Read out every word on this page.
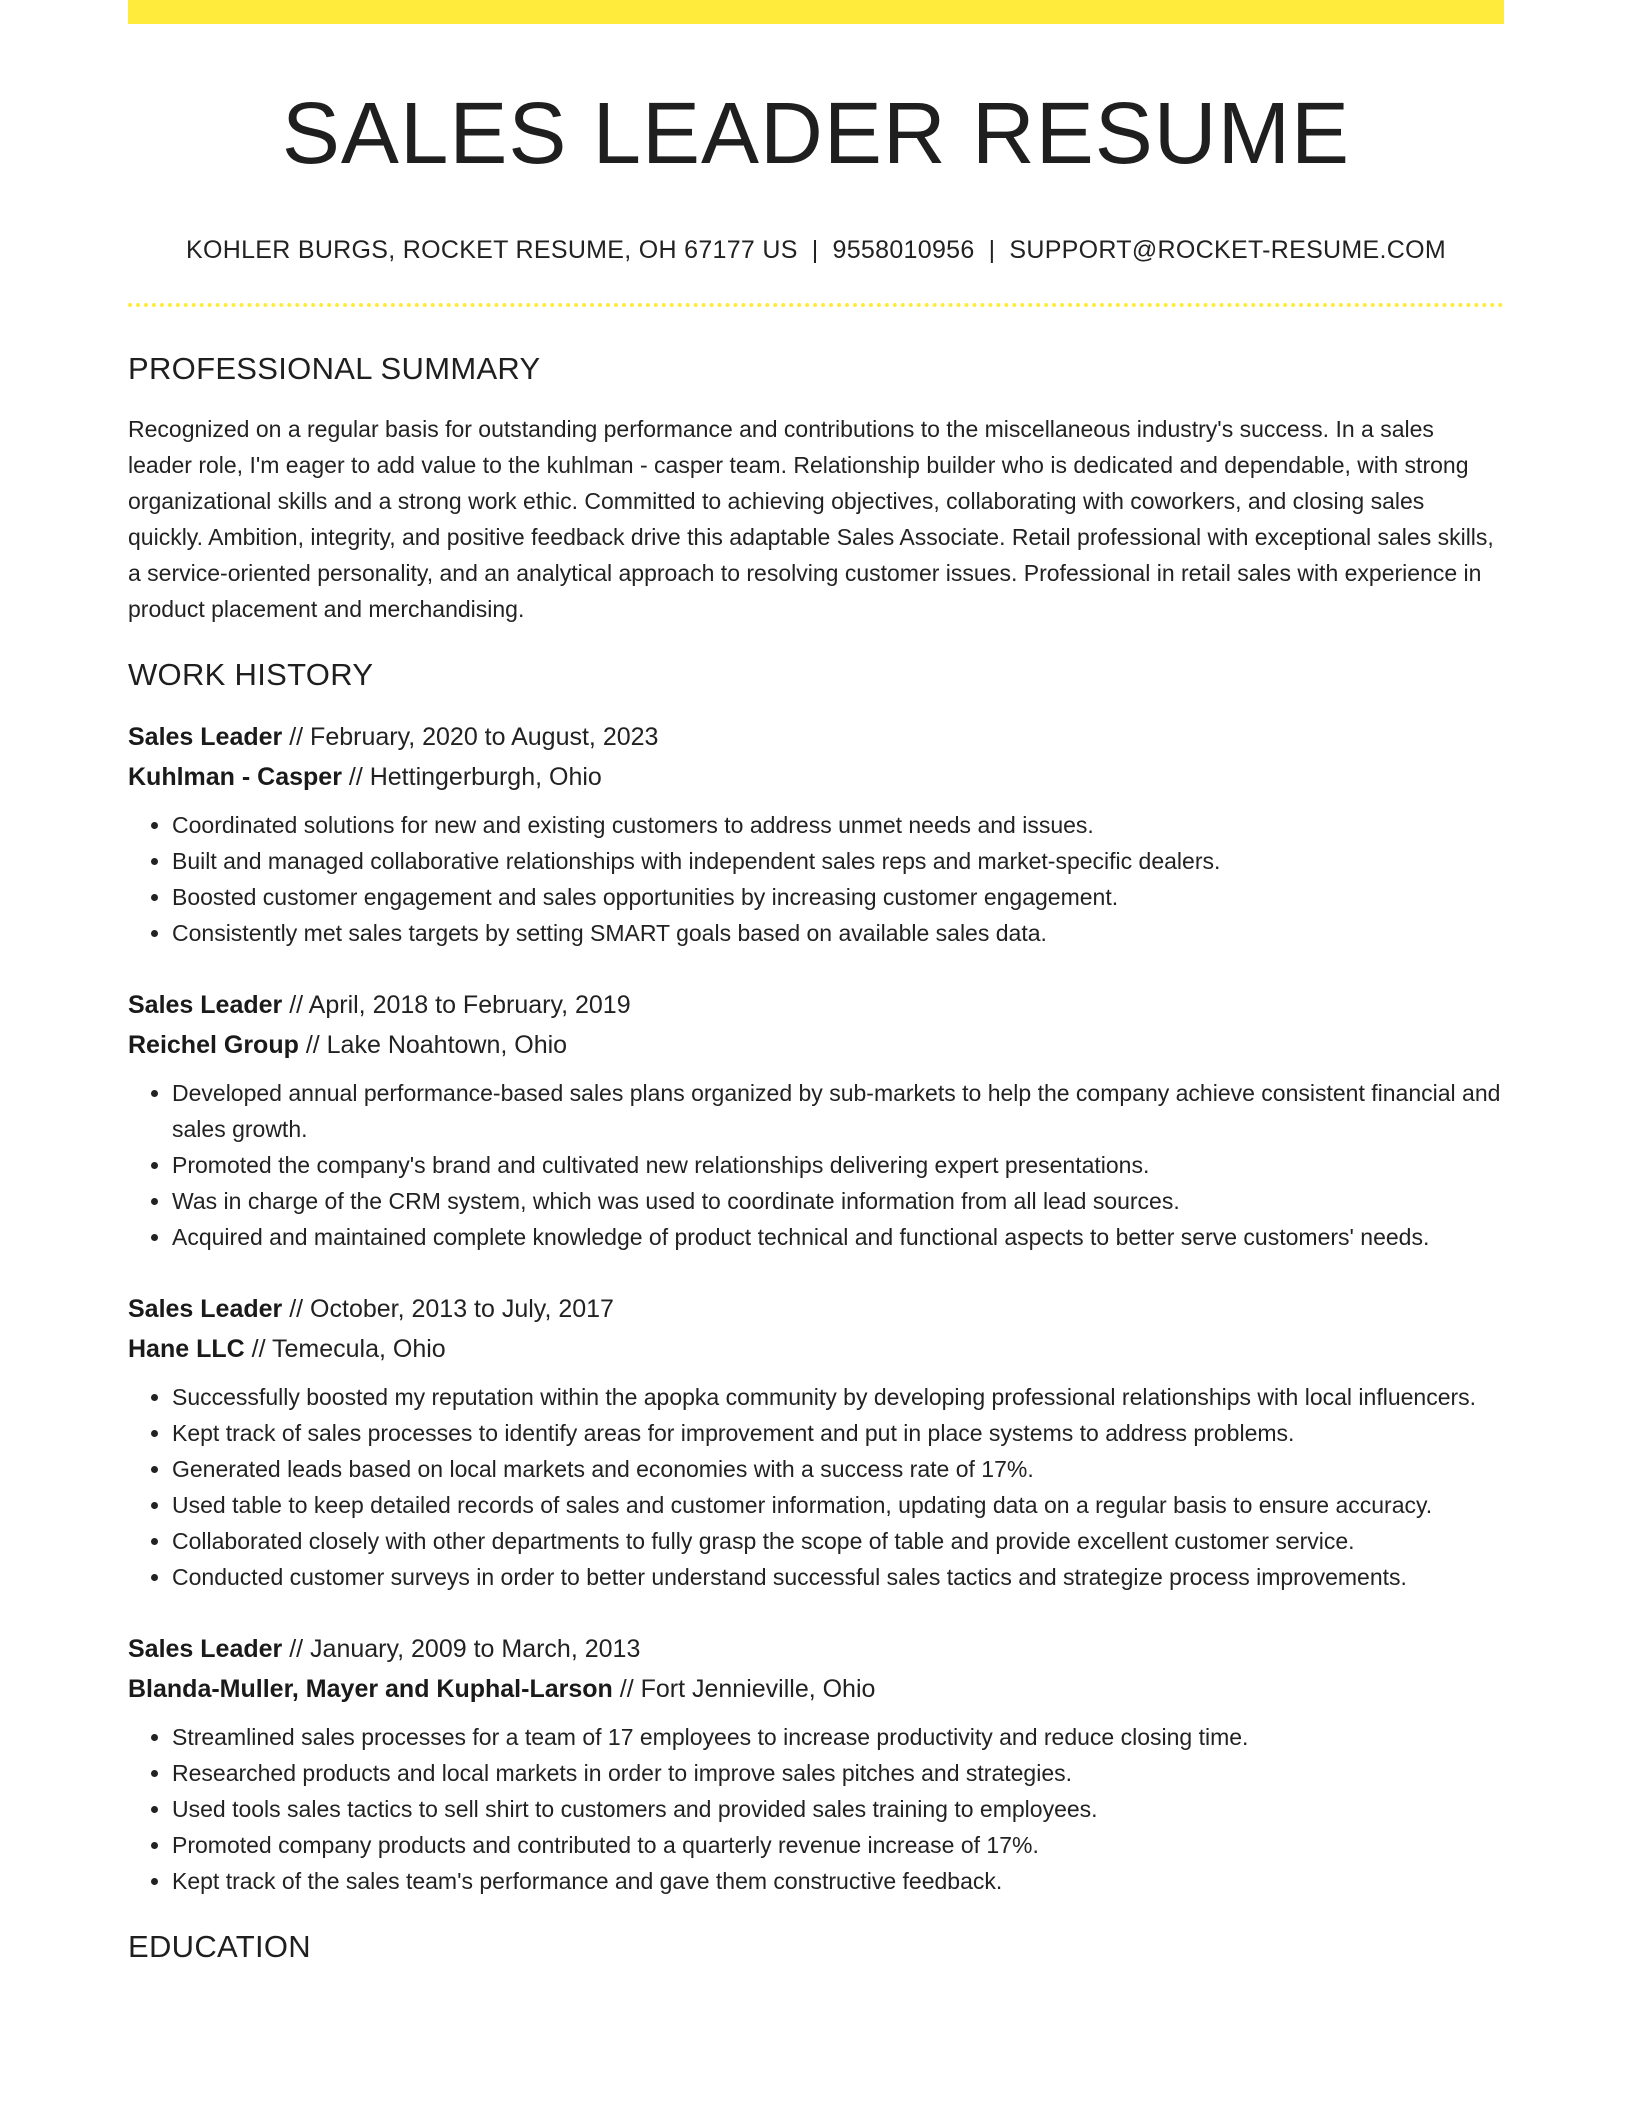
SALES LEADER RESUME
KOHLER BURGS, ROCKET RESUME, OH 67177 US | 9558010956 | SUPPORT@ROCKET-RESUME.COM
PROFESSIONAL SUMMARY

Recognized on a regular basis for outstanding performance and contributions to the miscellaneous industry's success. In a sales leader role, I'm eager to add value to the kuhlman - casper team. Relationship builder who is dedicated and dependable, with strong organizational skills and a strong work ethic. Committed to achieving objectives, collaborating with coworkers, and closing sales quickly. Ambition, integrity, and positive feedback drive this adaptable Sales Associate. Retail professional with exceptional sales skills, a service-oriented personality, and an analytical approach to resolving customer issues. Professional in retail sales with experience in product placement and merchandising.

WORK HISTORY
Sales Leader // February, 2020 to August, 2023
Kuhlman - Casper // Hettingerburgh, Ohio
• Coordinated solutions for new and existing customers to address unmet needs and issues.
• Built and managed collaborative relationships with independent sales reps and market-specific dealers.
• Boosted customer engagement and sales opportunities by increasing customer engagement.
• Consistently met sales targets by setting SMART goals based on available sales data.
Sales Leader // April, 2018 to February, 2019
Reichel Group // Lake Noahtown, Ohio
• Developed annual performance-based sales plans organized by sub-markets to help the company achieve consistent financial and sales growth.
• Promoted the company's brand and cultivated new relationships delivering expert presentations.
• Was in charge of the CRM system, which was used to coordinate information from all lead sources.
• Acquired and maintained complete knowledge of product technical and functional aspects to better serve customers' needs.
Sales Leader // October, 2013 to July, 2017
Hane LLC // Temecula, Ohio
• Successfully boosted my reputation within the apopka community by developing professional relationships with local influencers.
• Kept track of sales processes to identify areas for improvement and put in place systems to address problems.
• Generated leads based on local markets and economies with a success rate of 17%.
• Used table to keep detailed records of sales and customer information, updating data on a regular basis to ensure accuracy.
• Collaborated closely with other departments to fully grasp the scope of table and provide excellent customer service.
• Conducted customer surveys in order to better understand successful sales tactics and strategize process improvements.
Sales Leader // January, 2009 to March, 2013
Blanda-Muller, Mayer and Kuphal-Larson // Fort Jennieville, Ohio
• Streamlined sales processes for a team of 17 employees to increase productivity and reduce closing time.
• Researched products and local markets in order to improve sales pitches and strategies.
• Used tools sales tactics to sell shirt to customers and provided sales training to employees.
• Promoted company products and contributed to a quarterly revenue increase of 17%.
• Kept track of the sales team's performance and gave them constructive feedback.
EDUCATION
